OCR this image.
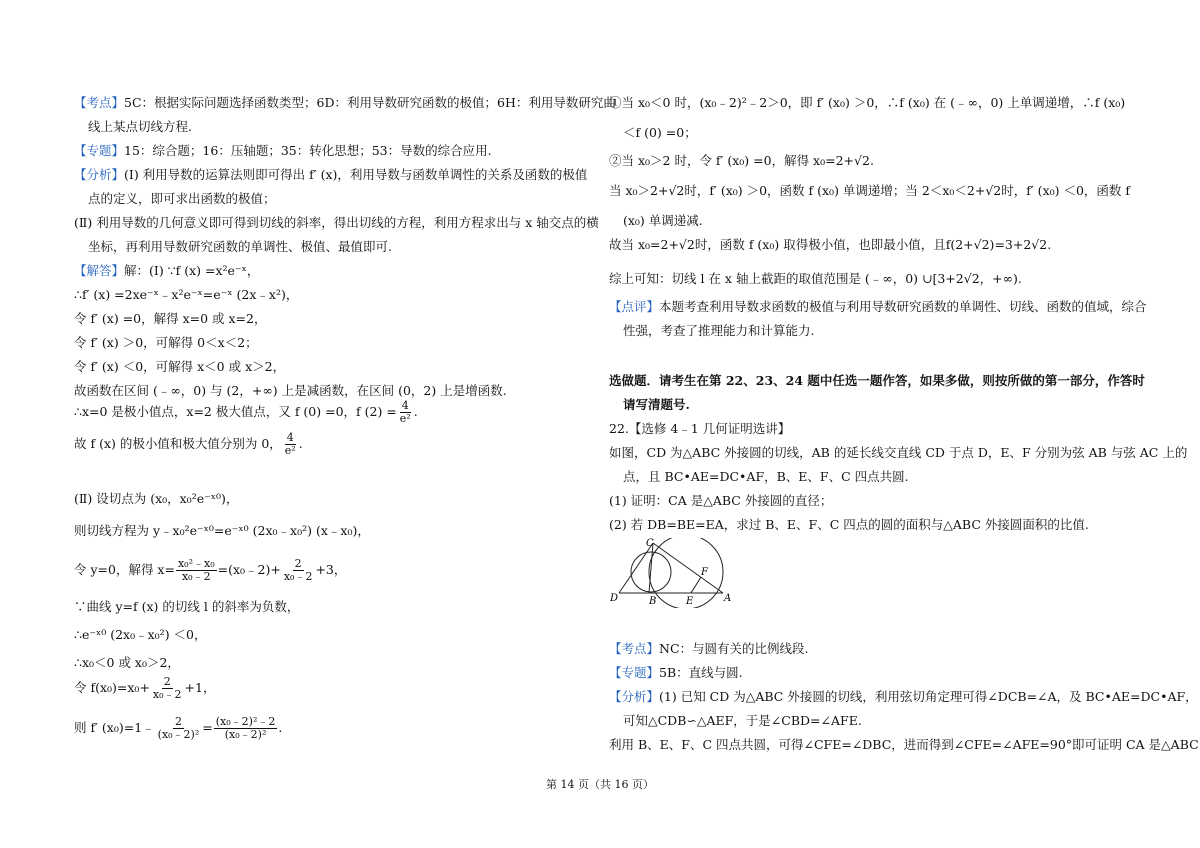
【考点】5C：根据实际问题选择函数类型；6D：利用导数研究函数的极值；6H：利用导数研究曲
线上某点切线方程.
【专题】15：综合题；16：压轴题；35：转化思想；53：导数的综合应用.
【分析】(Ⅰ) 利用导数的运算法则即可得出 f′ (x)，利用导数与函数单调性的关系及函数的极值
点的定义，即可求出函数的极值；
(Ⅱ) 利用导数的几何意义即可得到切线的斜率，得出切线的方程，利用方程求出与 x 轴交点的横
坐标，再利用导数研究函数的单调性、极值、最值即可.
【解答】解：(Ⅰ) ∵f (x) =x²e⁻ˣ，
∴f′ (x) =2xe⁻ˣ﹣x²e⁻ˣ=e⁻ˣ (2x﹣x²)，
令 f′ (x) =0，解得 x=0 或 x=2，
令 f′ (x) ＞0，可解得 0＜x＜2；
令 f′ (x) ＜0，可解得 x＜0 或 x＞2，
故函数在区间 (﹣∞，0) 与 (2，+∞) 上是减函数，在区间 (0，2) 上是增函数.
∴x=0 是极小值点，x=2 极大值点，又 f (0) =0，f $(2) = \frac{4}{\text{e²}}$ .
故 f (x) 的极小值和极大值分别为 0， $\frac{4}{\text{e²}}$ .
(Ⅱ) 设切点为 (x₀，x₀²e⁻ˣ⁰)，
则切线方程为 y﹣x₀²e⁻ˣ⁰=e⁻ˣ⁰ (2x₀﹣x₀²) (x﹣x₀)，
令 y=0，解得 $x= \frac{\text{x₀²﹣x₀}}{\text{x₀﹣2}}$ =(x₀﹣2)+ $\frac{2}{\text{x₀﹣2}} +3$，
∵曲线 y=f (x) 的切线 l 的斜率为负数，
∴e⁻ˣ⁰ (2x₀﹣x₀²) ＜0，
∴x₀＜0 或 x₀＞2，
令 $f(x_0)=x_0+ \frac{2}{\text{x₀﹣2}} +1$，
则 f′ (x₀)=1﹣ $\frac{2}{\text{(x₀﹣2)²}} = \frac{\text{(x₀﹣2)²﹣2}}{\text{(x₀﹣2)²}}$ .
①当 x₀＜0 时，(x₀﹣2)²﹣2＞0，即 f′ (x₀) ＞0，∴f (x₀) 在 (﹣∞，0) 上单调递增，∴f (x₀)
＜f (0) =0；
②当 x₀＞2 时，令 f′ (x₀) =0，解得 x₀=2+√2.
当 x₀＞2+√2时，f′ (x₀) ＞0，函数 f (x₀) 单调递增；当 2＜x₀＜2+√2时，f′ (x₀) ＜0，函数 f
(x₀) 单调递减.
故当 x₀=2+√2时，函数 f (x₀) 取得极小值，也即最小值，且f(2+√2)=3+2√2.
综上可知：切线 l 在 x 轴上截距的取值范围是 (﹣∞，0) ∪[3+2√2，+∞).
【点评】本题考查利用导数求函数的极值与利用导数研究函数的单调性、切线、函数的值域，综合
性强，考查了推理能力和计算能力.
选做题．请考生在第 22、23、24 题中任选一题作答，如果多做，则按所做的第一部分，作答时
请写清题号.
22.【选修 4﹣1 几何证明选讲】
如图，CD 为△ABC 外接圆的切线，AB 的延长线交直线 CD 于点 D，E、F 分别为弦 AB 与弦 AC 上的
点，且 BC•AE=DC•AF，B、E、F、C 四点共圆.
(1) 证明：CA 是△ABC 外接圆的直径；
(2) 若 DB=BE=EA，求过 B、E、F、C 四点的圆的面积与△ABC 外接圆面积的比值.
C
D	B	E
F
A
【考点】NC：与圆有关的比例线段.
【专题】5B：直线与圆.
【分析】(1) 已知 CD 为△ABC 外接圆的切线，利用弦切角定理可得∠DCB=∠A，及 BC•AE=DC•AF，
可知△CDB∽△AEF，于是∠CBD=∠AFE.
利用 B、E、F、C 四点共圆，可得∠CFE=∠DBC，进而得到∠CFE=∠AFE=90°即可证明 CA 是△ABC
第 14 页（共 16 页）
